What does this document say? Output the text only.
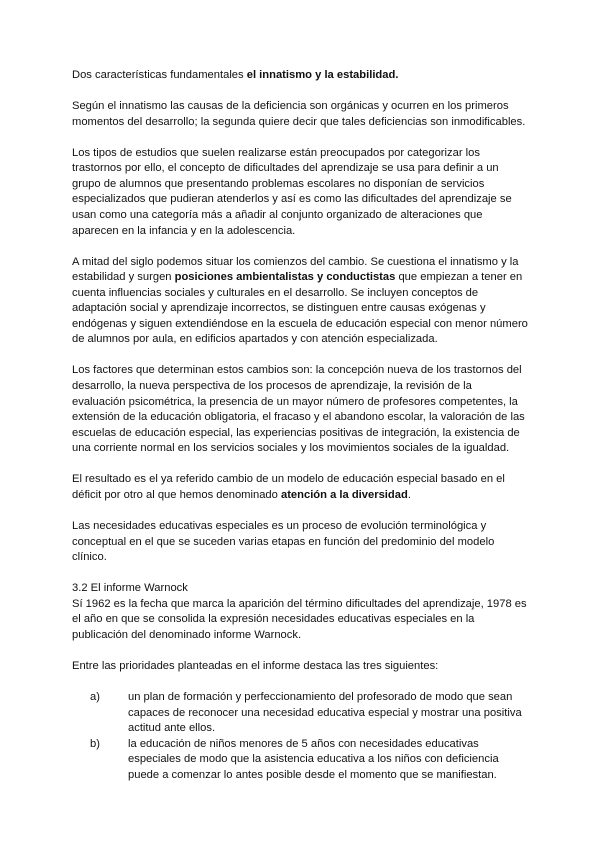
Dos características fundamentales el innatismo y la estabilidad.

Según el innatismo las causas de la deficiencia son orgánicas y ocurren en los primeros momentos del desarrollo; la segunda quiere decir que tales deficiencias son inmodificables.

Los tipos de estudios que suelen realizarse están preocupados por categorizar los trastornos por ello, el concepto de dificultades del aprendizaje se usa para definir a un grupo de alumnos que presentando problemas escolares no disponían de servicios especializados que pudieran atenderlos y así es como las dificultades del aprendizaje se usan como una categoría más a añadir al conjunto organizado de alteraciones que aparecen en la infancia y en la adolescencia.

A mitad del siglo podemos situar los comienzos del cambio. Se cuestiona el innatismo y la estabilidad y surgen posiciones ambientalistas y conductistas que empiezan a tener en cuenta influencias sociales y culturales en el desarrollo. Se incluyen conceptos de adaptación social y aprendizaje incorrectos, se distinguen entre causas exógenas y endógenas y siguen extendiéndose en la escuela de educación especial con menor número de alumnos por aula, en edificios apartados y con atención especializada.

Los factores que determinan estos cambios son: la concepción nueva de los trastornos del desarrollo, la nueva perspectiva de los procesos de aprendizaje, la revisión de la evaluación psicométrica, la presencia de un mayor número de profesores competentes, la extensión de la educación obligatoria, el fracaso y el abandono escolar, la valoración de las escuelas de educación especial, las experiencias positivas de integración, la existencia de una corriente normal en los servicios sociales y los movimientos sociales de la igualdad.

El resultado es el ya referido cambio de un modelo de educación especial basado en el déficit por otro al que hemos denominado atención a la diversidad.

Las necesidades educativas especiales es un proceso de evolución terminológica y conceptual en el que se suceden varias etapas en función del predominio del modelo clínico.

3.2 El informe Warnock
Sí 1962 es la fecha que marca la aparición del término dificultades del aprendizaje, 1978 es el año en que se consolida la expresión necesidades educativas especiales en la publicación del denominado informe Warnock.

Entre las prioridades planteadas en el informe destaca las tres siguientes:

a)	un plan de formación y perfeccionamiento del profesorado de modo que sean capaces de reconocer una necesidad educativa especial y mostrar una positiva actitud ante ellos.
b)	la educación de niños menores de 5 años con necesidades educativas especiales de modo que la asistencia educativa a los niños con deficiencia puede a comenzar lo antes posible desde el momento que se manifiestan.
